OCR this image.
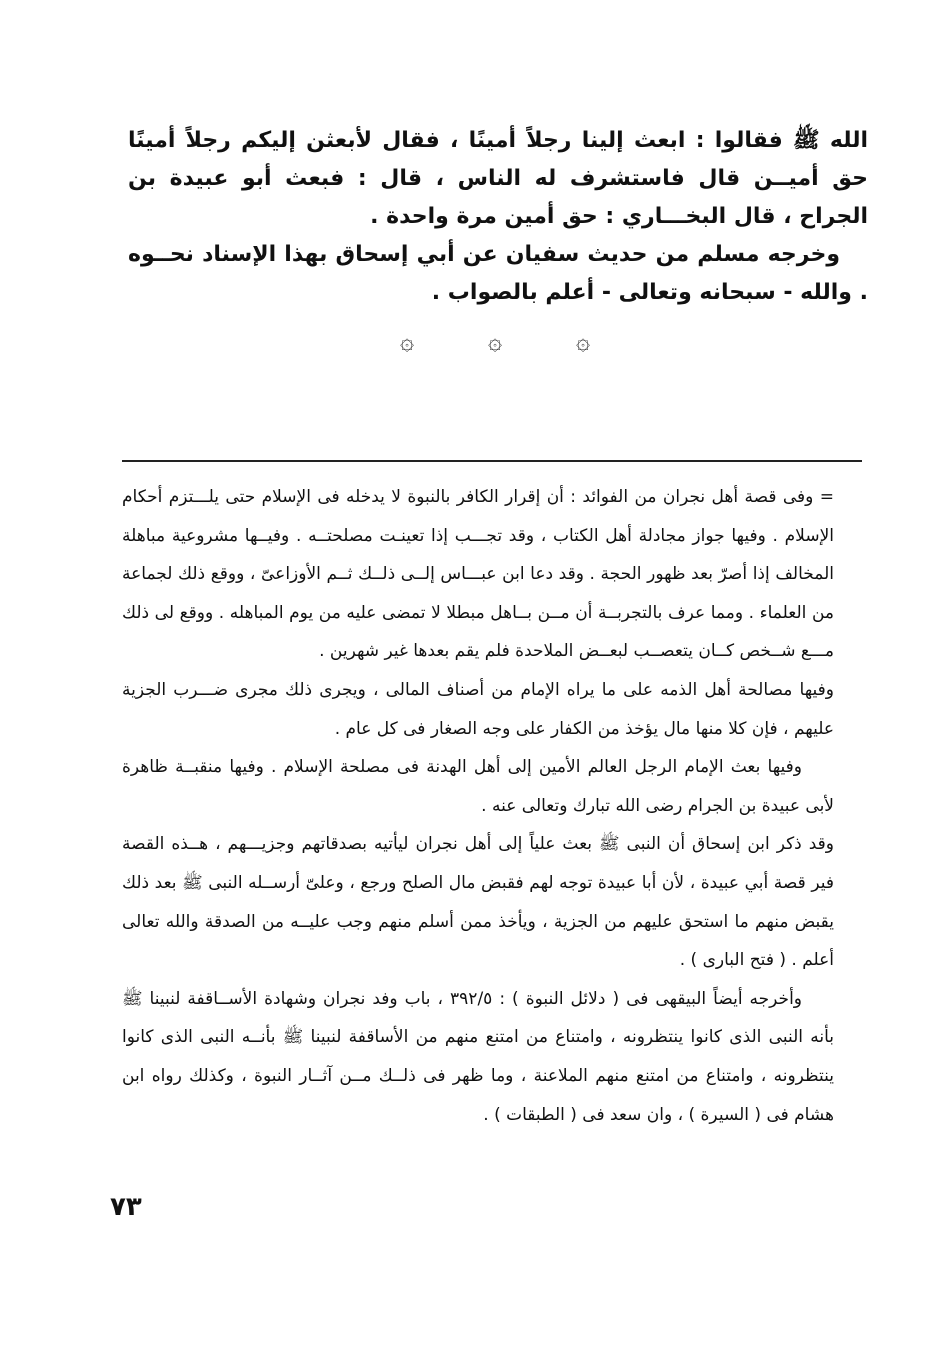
الله ﷺ فقالوا : ابعث إلينا رجلاً أمينًا ، فقال لأبعثن إليكم رجلاً أمينًا حق أميــن قال فاستشرف له الناس ، قال : فبعث أبو عبيدة بن الجراح ، قال البخـــاري : حق أمين مرة واحدة .

وخرجه مسلم من حديث سفيان عن أبي إسحاق بهذا الإسناد نحــوه . والله - سبحانه وتعالى - أعلم بالصواب .

۞	۞	۞

= وفى قصة أهل نجران من الفوائد : أن إقرار الكافر بالنبوة لا يدخله فى الإسلام حتى يلـــتزم أحكام الإسلام . وفيها جواز مجادلة أهل الكتاب ، وقد تجـــب إذا تعينـت مصلحتــه . وفيــها مشروعية مباهلة المخالف إذا أصرّ بعد ظهور الحجة . وقد دعا ابن عبـــاس إلــى ذلــك ثــم الأوزاعىّ ، ووقع ذلك لجماعة من العلماء . ومما عرف بالتجربــة أن مــن بــاهل مبطلا لا تمضى عليه من يوم المباهله . ووقع لى ذلك مـــع شــخص كــان يتعصــب لبعــض الملاحدة فلم يقم بعدها غير شهرين .

وفيها مصالحة أهل الذمه على ما يراه الإمام من أصناف المالى ، ويجرى ذلك مجرى ضـــرب الجزية عليهم ، فإن كلا منها مال يؤخذ من الكفار على وجه الصغار فى كل عام .

وفيها بعث الإمام الرجل العالم الأمين إلى أهل الهدنة فى مصلحة الإسلام . وفيها منقبــة ظاهرة لأبى عبيدة بن الجرام رضى الله تبارك وتعالى عنه .

وقد ذكر ابن إسحاق أن النبى ﷺ بعث علياً إلى أهل نجران ليأتيه بصدقاتهم وجزيـــهم ، هــذه القصة فير قصة أبي عبيدة ، لأن أبا عبيدة توجه لهم فقبض مال الصلح ورجع ، وعلىّ أرســله النبى ﷺ بعد ذلك يقبض منهم ما استحق عليهم من الجزية ، ويأخذ ممن أسلم منهم وجب عليــه من الصدقة والله تعالى أعلم . ( فتح البارى ) .

وأخرجه أيضاً البيقهى فى ( دلائل النبوة ) : ٣٩٢/٥ ، باب وفد نجران وشهادة الأســاقفة لنبينا ﷺ بأنه النبى الذى كانوا ينتظرونه ، وامتناع من امتنع منهم من الأساقفة لنبينا ﷺ بأنــه النبى الذى كانوا ينتظرونه ، وامتناع من امتنع منهم الملاعنة ، وما ظهر فى ذلــك مــن آثــار النبوة ، وكذلك رواه ابن هشام فى ( السيرة ) ، وان سعد فى ( الطبقات ) .

٧٣
